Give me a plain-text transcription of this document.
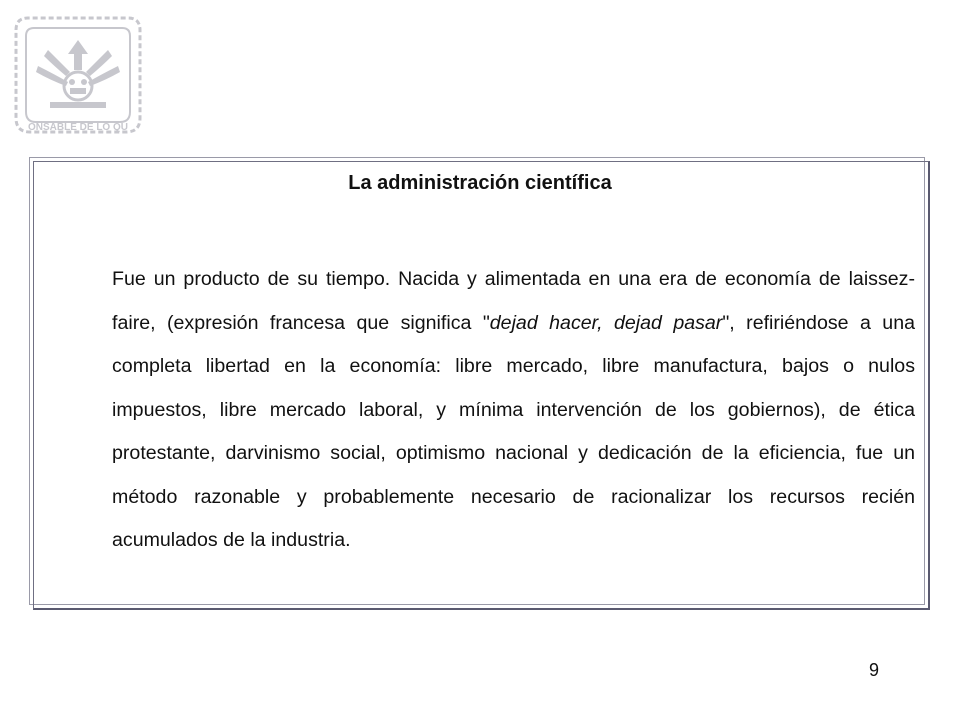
ONSABLE DE LO QU
La administración científica

Fue un producto de su tiempo. Nacida y alimentada en una era de economía de laissez-faire, (expresión francesa que significa "dejad hacer, dejad pasar", refiriéndose a una completa libertad en la economía: libre mercado, libre manufactura, bajos o nulos impuestos, libre mercado laboral, y mínima intervención de los gobiernos), de ética protestante, darvinismo social, optimismo nacional y dedicación de la eficiencia, fue un método razonable y probablemente necesario de racionalizar los recursos recién acumulados de la industria.

9
